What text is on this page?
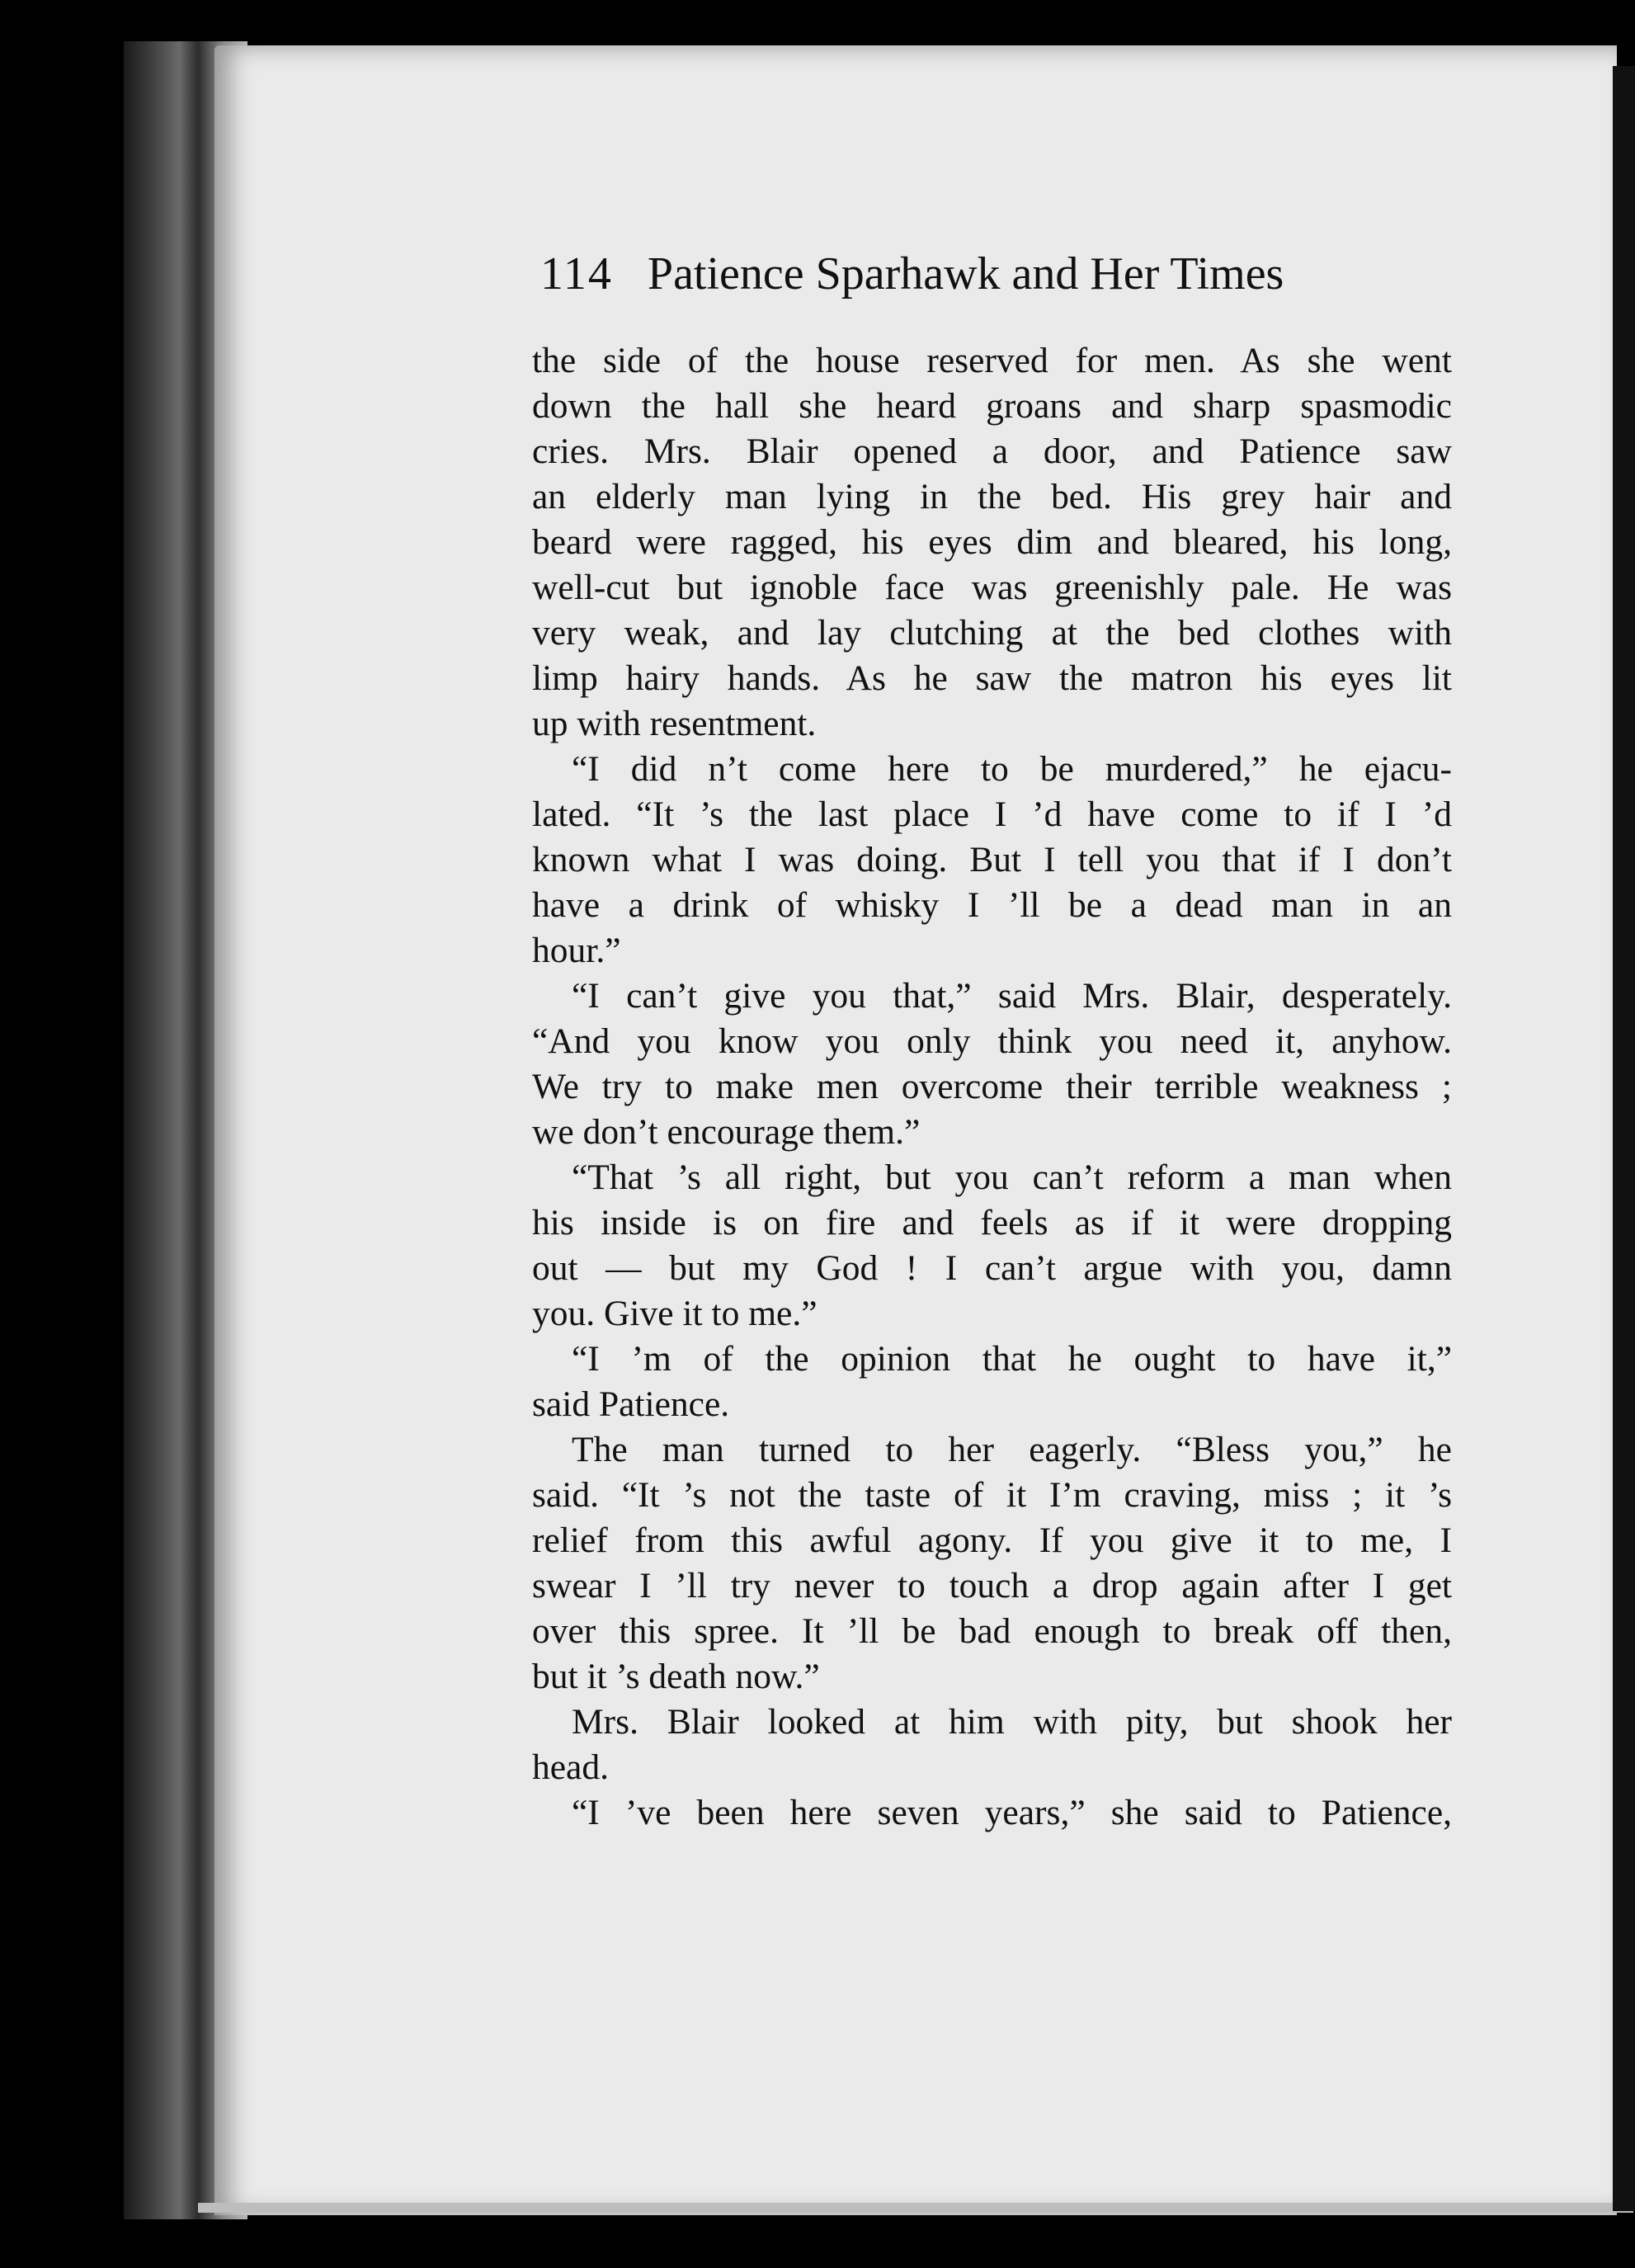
114 Patience Sparhawk and Her Times
the side of the house reserved for men. As she went
down the hall she heard groans and sharp spasmodic
cries. Mrs. Blair opened a door, and Patience saw
an elderly man lying in the bed. His grey hair and
beard were ragged, his eyes dim and bleared, his long,
well-cut but ignoble face was greenishly pale. He was
very weak, and lay clutching at the bed clothes with
limp hairy hands. As he saw the matron his eyes lit
up with resentment.
“I did n’t come here to be murdered,” he ejacu-
lated. “It ’s the last place I ’d have come to if I ’d
known what I was doing. But I tell you that if I don’t
have a drink of whisky I ’ll be a dead man in an
hour.”
“I can’t give you that,” said Mrs. Blair, desperately.
“And you know you only think you need it, anyhow.
We try to make men overcome their terrible weakness ;
we don’t encourage them.”
“That ’s all right, but you can’t reform a man when
his inside is on fire and feels as if it were dropping
out — but my God ! I can’t argue with you, damn
you. Give it to me.”
“I ’m of the opinion that he ought to have it,”
said Patience.
The man turned to her eagerly. “Bless you,” he
said. “It ’s not the taste of it I’m craving, miss ; it ’s
relief from this awful agony. If you give it to me, I
swear I ’ll try never to touch a drop again after I get
over this spree. It ’ll be bad enough to break off then,
but it ’s death now.”
Mrs. Blair looked at him with pity, but shook her
head.
“I ’ve been here seven years,” she said to Patience,
